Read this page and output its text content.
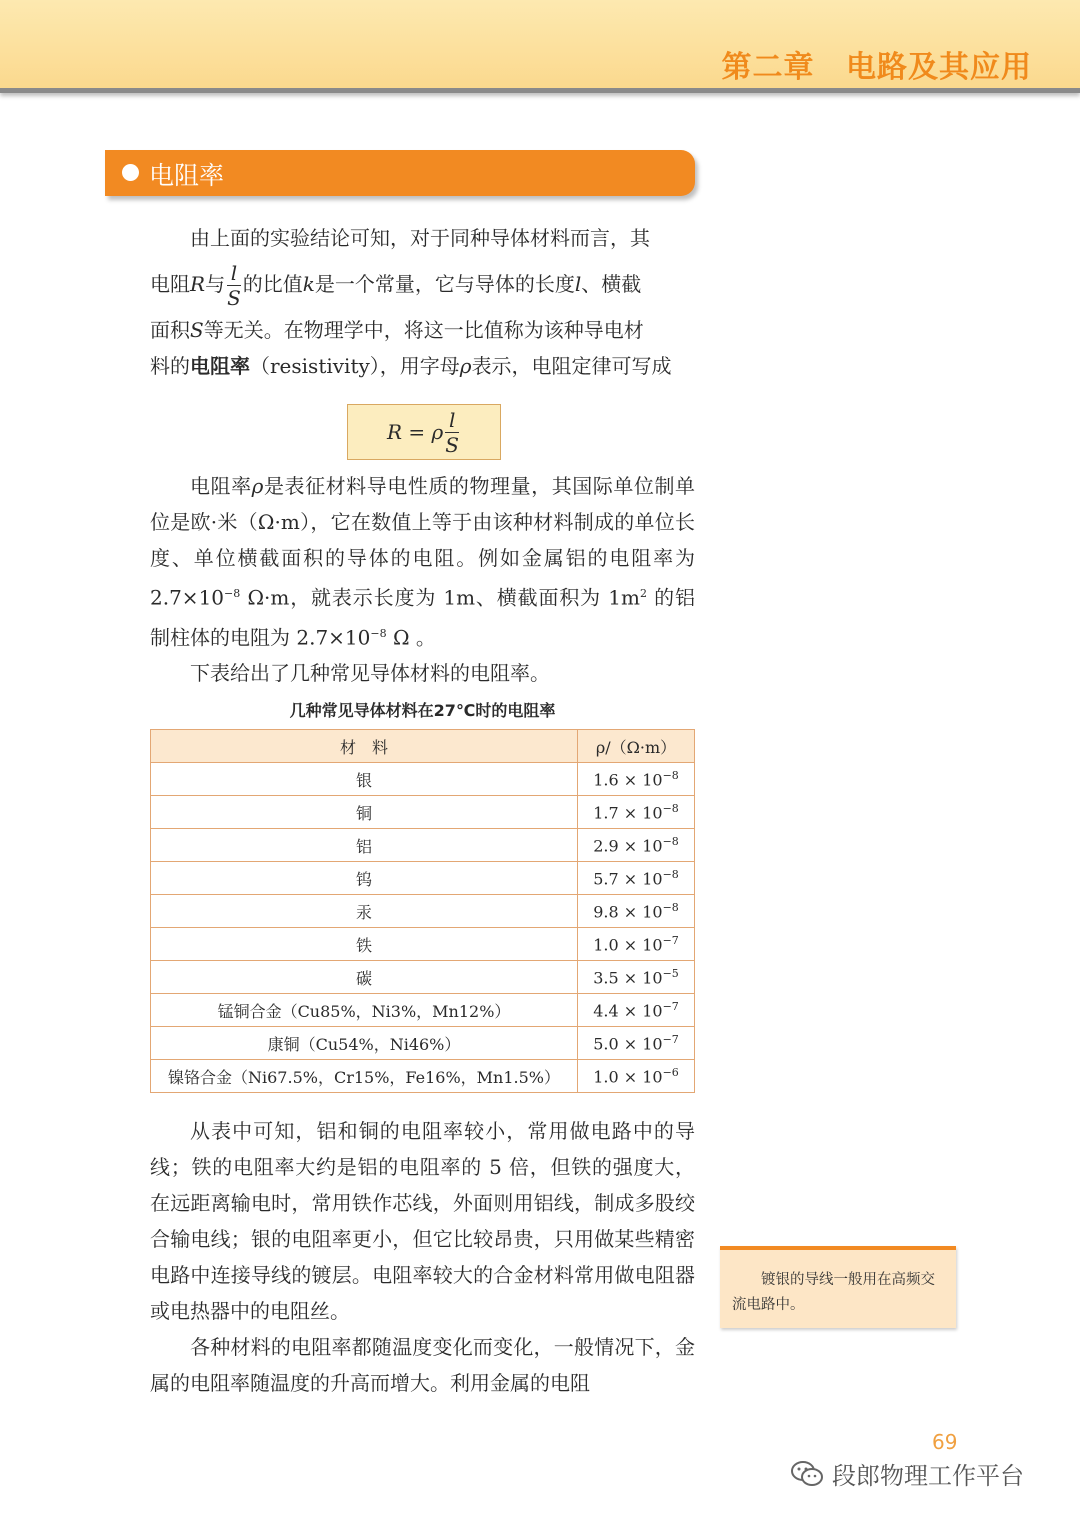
第二章 电路及其应用
电阻率

由上面的实验结论可知，对于同种导体材料而言，其

电阻R与 $\frac{l}{S}$ 的比值k是一个常量，它与导体的长度l、横截

面积S等无关。在物理学中，将这一比值称为该种导电材

料的电阻率（resistivity），用字母ρ表示，电阻定律可写成

R = ρ $\frac{l}{S}$

电阻率ρ是表征材料导电性质的物理量，其国际单位制单位是欧·米（Ω·m），它在数值上等于由该种材料制成的单位长度、单位横截面积的导体的电阻。例如金属铝的电阻率为 $2.7\times 10^{-8}$ Ω·m，就表示长度为 1m、横截面积为 $1m^2$ 的铝制柱体的电阻为 $2.7\times 10^{-8}$ Ω 。

下表给出了几种常见导体材料的电阻率。

几种常见导体材料在27℃时的电阻率
材　料	ρ/（Ω·m）
银	$1.6 \times 10^{-8}$
铜	$1.7 \times 10^{-8}$
铝	$2.9 \times 10^{-8}$
钨	$5.7 \times 10^{-8}$
汞	$9.8 \times 10^{-8}$
铁	$1.0 \times 10^{-7}$
碳	$3.5 \times 10^{-5}$
锰铜合金（Cu85%，Ni3%，Mn12%）	$4.4 \times 10^{-7}$
康铜（Cu54%，Ni46%）	$5.0 \times 10^{-7}$
镍铬合金（Ni67.5%，Cr15%，Fe16%，Mn1.5%）	$1.0 \times 10^{-6}$

从表中可知，铝和铜的电阻率较小，常用做电路中的导线；铁的电阻率大约是铝的电阻率的 5 倍，但铁的强度大，在远距离输电时，常用铁作芯线，外面则用铝线，制成多股绞合输电线；银的电阻率更小，但它比较昂贵，只用做某些精密电路中连接导线的镀层。电阻率较大的合金材料常用做电阻器或电热器中的电阻丝。

各种材料的电阻率都随温度变化而变化，一般情况下，金属的电阻率随温度的升高而增大。利用金属的电阻

镀银的导线一般用在高频交流电路中。
69
段郎物理工作平台
